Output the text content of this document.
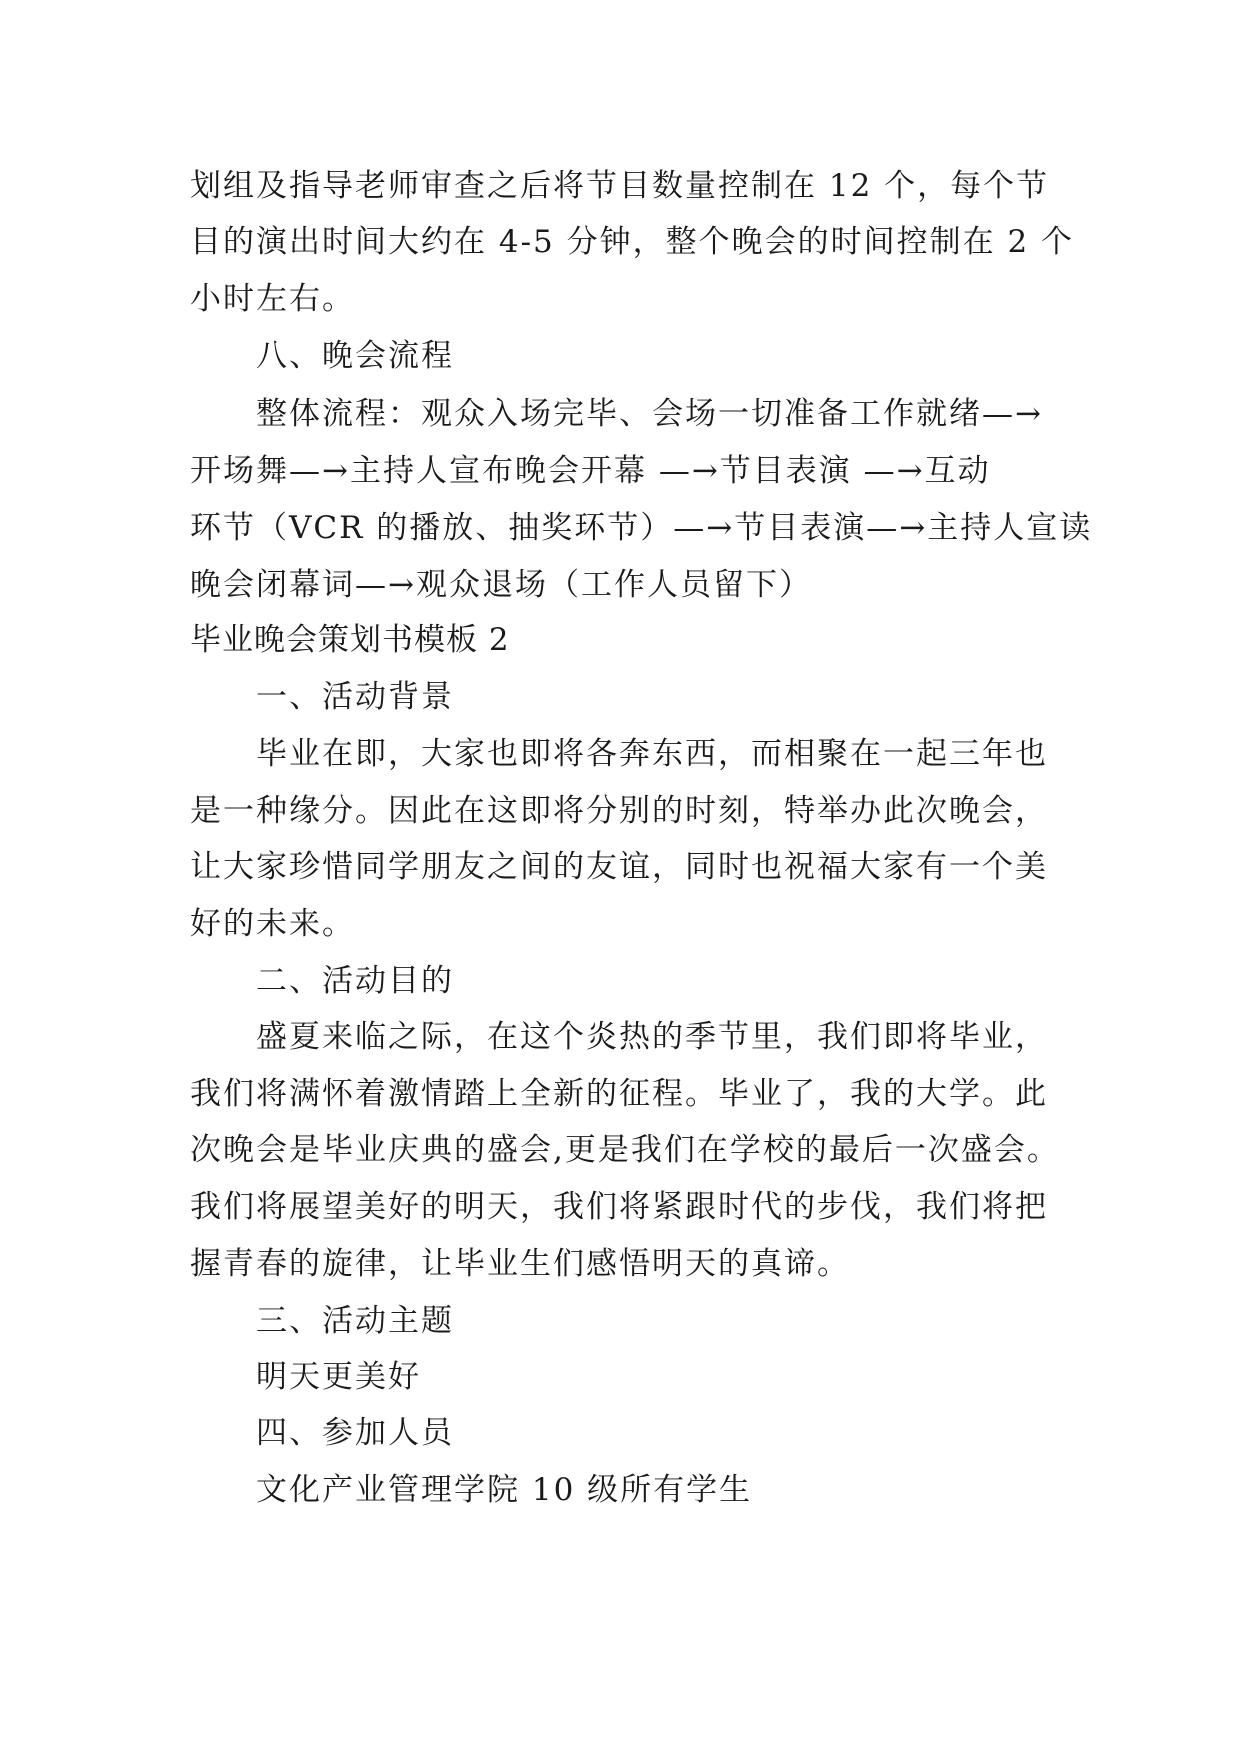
划组及指导老师审查之后将节目数量控制在 12 个，每个节
目的演出时间大约在 4-5 分钟，整个晚会的时间控制在 2 个
小时左右。
八、晚会流程
整体流程：观众入场完毕、会场一切准备工作就绪—→
开场舞—→主持人宣布晚会开幕 —→节目表演 —→互动
环节（VCR 的播放、抽奖环节）—→节目表演—→主持人宣读
晚会闭幕词—→观众退场（工作人员留下）
毕业晚会策划书模板 2
一、活动背景
毕业在即，大家也即将各奔东西，而相聚在一起三年也
是一种缘分。因此在这即将分别的时刻，特举办此次晚会，
让大家珍惜同学朋友之间的友谊，同时也祝福大家有一个美
好的未来。
二、活动目的
盛夏来临之际，在这个炎热的季节里，我们即将毕业，
我们将满怀着激情踏上全新的征程。毕业了，我的大学。此
次晚会是毕业庆典的盛会,更是我们在学校的最后一次盛会。
我们将展望美好的明天，我们将紧跟时代的步伐，我们将把
握青春的旋律，让毕业生们感悟明天的真谛。
三、活动主题
明天更美好
四、参加人员
文化产业管理学院 10 级所有学生
